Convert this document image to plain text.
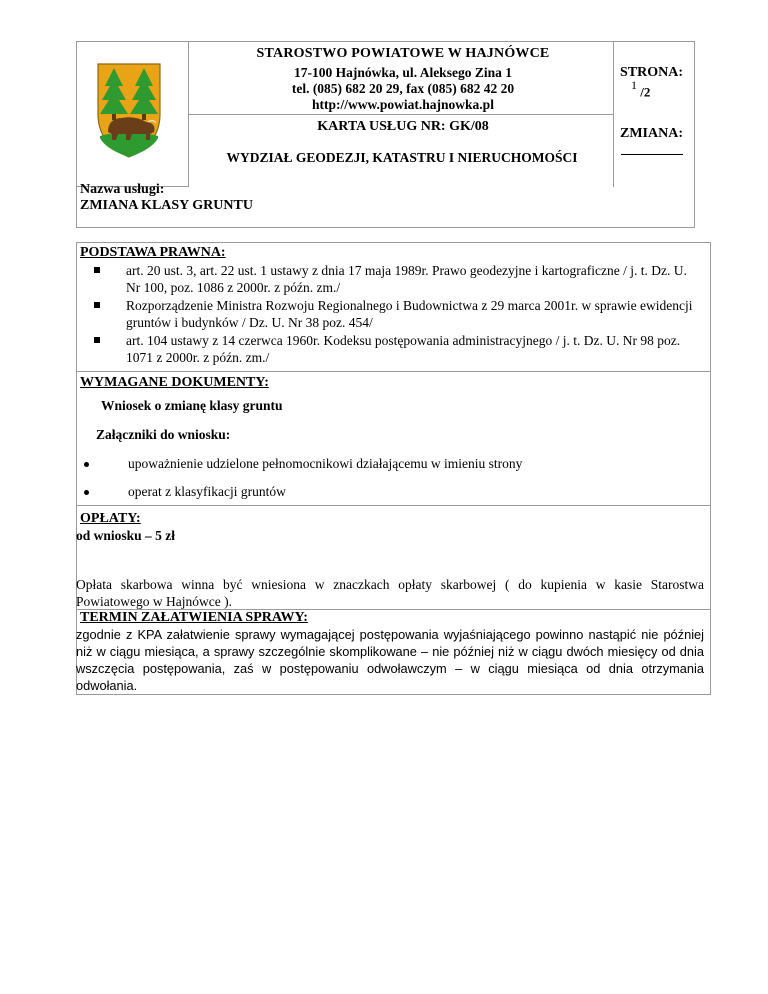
STAROSTWO POWIATOWE W HAJNÓWCE
17-100 Hajnówka, ul. Aleksego Zina 1
tel. (085) 682 20 29, fax (085) 682 42 20
http://www.powiat.hajnowka.pl
KARTA USŁUG NR: GK/08
WYDZIAŁ GEODEZJI, KATASTRU I NIERUCHOMOŚCI
STRONA:
$^1$ /2
ZMIANA:
Nazwa usługi:
ZMIANA KLASY GRUNTU
PODSTAWA PRAWNA:
art. 20 ust. 3, art. 22 ust. 1 ustawy z dnia 17 maja 1989r. Prawo geodezyjne i kartograficzne / j. t. Dz. U. Nr 100, poz. 1086 z 2000r. z późn. zm./
Rozporządzenie Ministra Rozwoju Regionalnego i Budownictwa z 29 marca 2001r. w sprawie ewidencji gruntów i budynków / Dz. U. Nr 38 poz. 454/
art. 104 ustawy z 14 czerwca 1960r. Kodeksu postępowania administracyjnego / j. t. Dz. U. Nr 98 poz. 1071 z 2000r. z późn. zm./
WYMAGANE DOKUMENTY:
Wniosek o zmianę klasy gruntu
Załączniki do wniosku:
upoważnienie udzielone pełnomocnikowi działającemu w imieniu strony
operat z klasyfikacji gruntów
OPŁATY:
od wniosku – 5 zł
Opłata skarbowa winna być wniesiona w znaczkach opłaty skarbowej ( do kupienia w kasie Starostwa Powiatowego w Hajnówce ).
TERMIN ZAŁATWIENIA SPRAWY:
zgodnie z KPA załatwienie sprawy wymagającej postępowania wyjaśniającego powinno nastąpić nie później niż w ciągu miesiąca, a sprawy szczególnie skomplikowane – nie później niż w ciągu dwóch miesięcy od dnia wszczęcia postępowania, zaś w postępowaniu odwoławczym – w ciągu miesiąca od dnia otrzymania odwołania.
